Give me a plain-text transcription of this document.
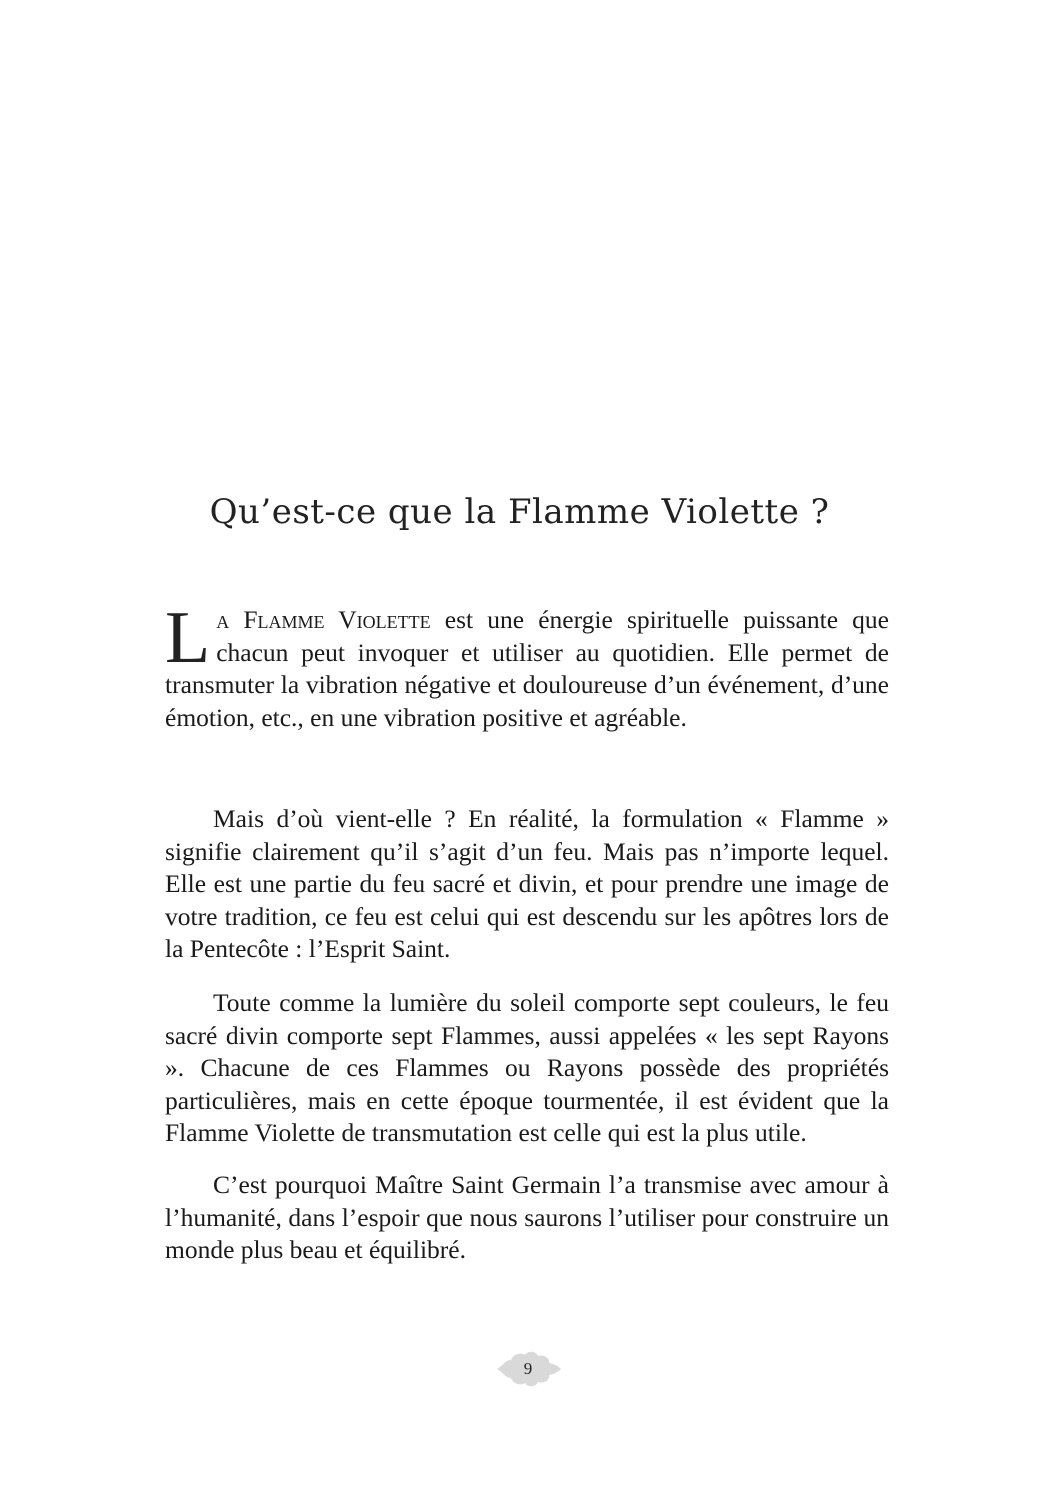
Qu’est-ce que la Flamme Violette ?

La Flamme Violette est une énergie spirituelle puissante que chacun peut invoquer et utiliser au quotidien. Elle permet de transmuter la vibration négative et douloureuse d’un événement, d’une émotion, etc., en une vibration positive et agréable.

Mais d’où vient-elle ? En réalité, la formulation « Flamme » signifie clairement qu’il s’agit d’un feu. Mais pas n’importe lequel. Elle est une partie du feu sacré et divin, et pour prendre une image de votre tradition, ce feu est celui qui est descendu sur les apôtres lors de la Pentecôte : l’Esprit Saint.

Toute comme la lumière du soleil comporte sept couleurs, le feu sacré divin comporte sept Flammes, aussi appelées « les sept Rayons ». Chacune de ces Flammes ou Rayons possède des propriétés particulières, mais en cette époque tourmentée, il est évident que la Flamme Violette de transmutation est celle qui est la plus utile.

C’est pourquoi Maître Saint Germain l’a transmise avec amour à l’humanité, dans l’espoir que nous saurons l’utiliser pour construire un monde plus beau et équilibré.

9
